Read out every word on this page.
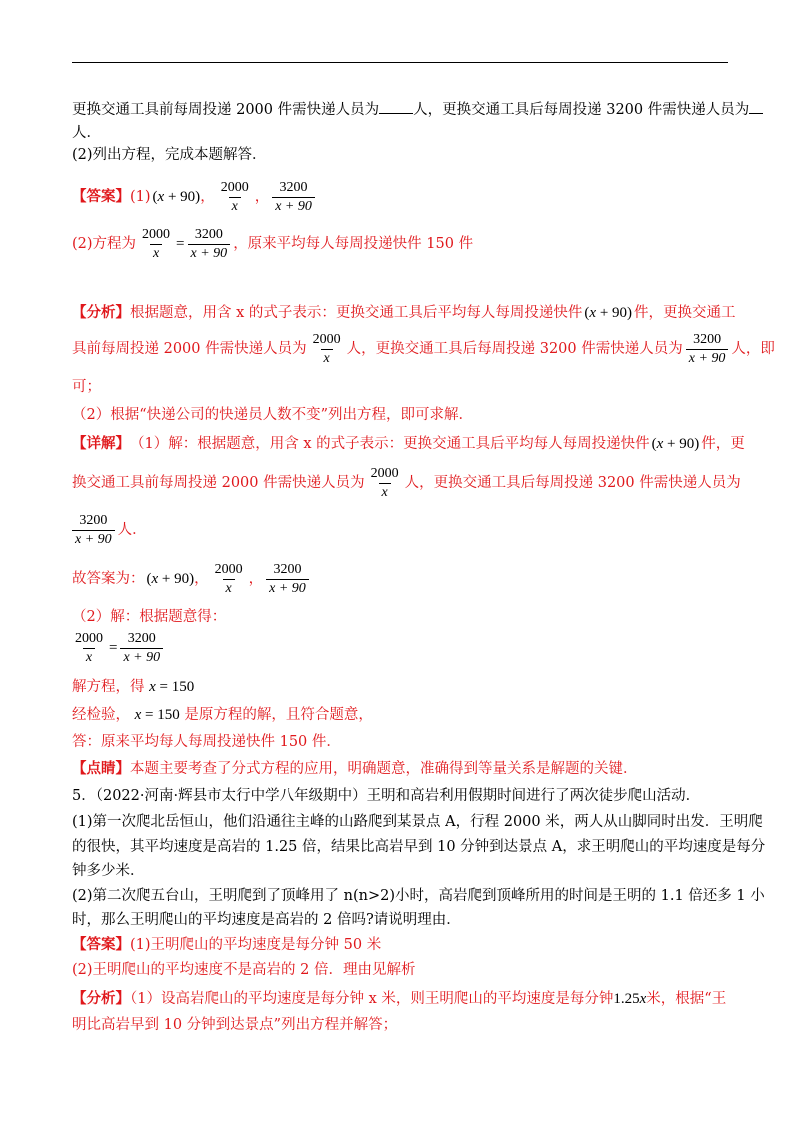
更换交通工具前每周投递 2000 件需快递人员为 人，更换交通工具后每周投递 3200 件需快递人员为
人．
(2)列出方程，完成本题解答．
【答案】 (1) (x + 90) ， $\frac{2000}{x}$ ， $\frac{3200}{x + 90}$
(2)方程为 $\frac{2000}{x} = \frac{3200}{x + 90}$ ，原来平均每人每周投递快件 150 件
【分析】 根据题意，用含 x 的式子表示：更换交通工具后平均每人每周投递快件 (x + 90) 件，更换交通工
具前每周投递 2000 件需快递人员为 $\frac{2000}{x}$ 人，更换交通工具后每周投递 3200 件需快递人员为 $\frac{3200}{x + 90}$ 人，即
可；
（2）根据“快递公司的快递员人数不变”列出方程，即可求解．
【详解】 （1）解：根据题意，用含 x 的式子表示：更换交通工具后平均每人每周投递快件 (x + 90) 件，更
换交通工具前每周投递 2000 件需快递人员为 $\frac{2000}{x}$ 人，更换交通工具后每周投递 3200 件需快递人员为
$\frac{3200}{x + 90}$ 人．
故答案为： (x + 90) ， $\frac{2000}{x}$ ， $\frac{3200}{x + 90}$
（2）解：根据题意得：
$\frac{2000}{x} = \frac{3200}{x + 90}$
解方程，得 x = 150
经检验， x = 150 是原方程的解，且符合题意，
答：原来平均每人每周投递快件 150 件．
【点睛】本题主要考查了分式方程的应用，明确题意，准确得到等量关系是解题的关键．
5．（2022·河南·辉县市太行中学八年级期中）王明和高岩利用假期时间进行了两次徒步爬山活动．
(1)第一次爬北岳恒山，他们沿通往主峰的山路爬到某景点 A，行程 2000 米，两人从山脚同时出发．王明爬
的很快，其平均速度是高岩的 1.25 倍，结果比高岩早到 10 分钟到达景点 A，求王明爬山的平均速度是每分
钟多少米．
(2)第二次爬五台山，王明爬到了顶峰用了 n(n>2)小时，高岩爬到顶峰所用的时间是王明的 1.1 倍还多 1 小
时，那么王明爬山的平均速度是高岩的 2 倍吗?请说明理由．
【答案】(1)王明爬山的平均速度是每分钟 50 米
(2)王明爬山的平均速度不是高岩的 2 倍．理由见解析
【分析】（1）设高岩爬山的平均速度是每分钟 x 米，则王明爬山的平均速度是每分钟1.25x米，根据“王
明比高岩早到 10 分钟到达景点”列出方程并解答；
